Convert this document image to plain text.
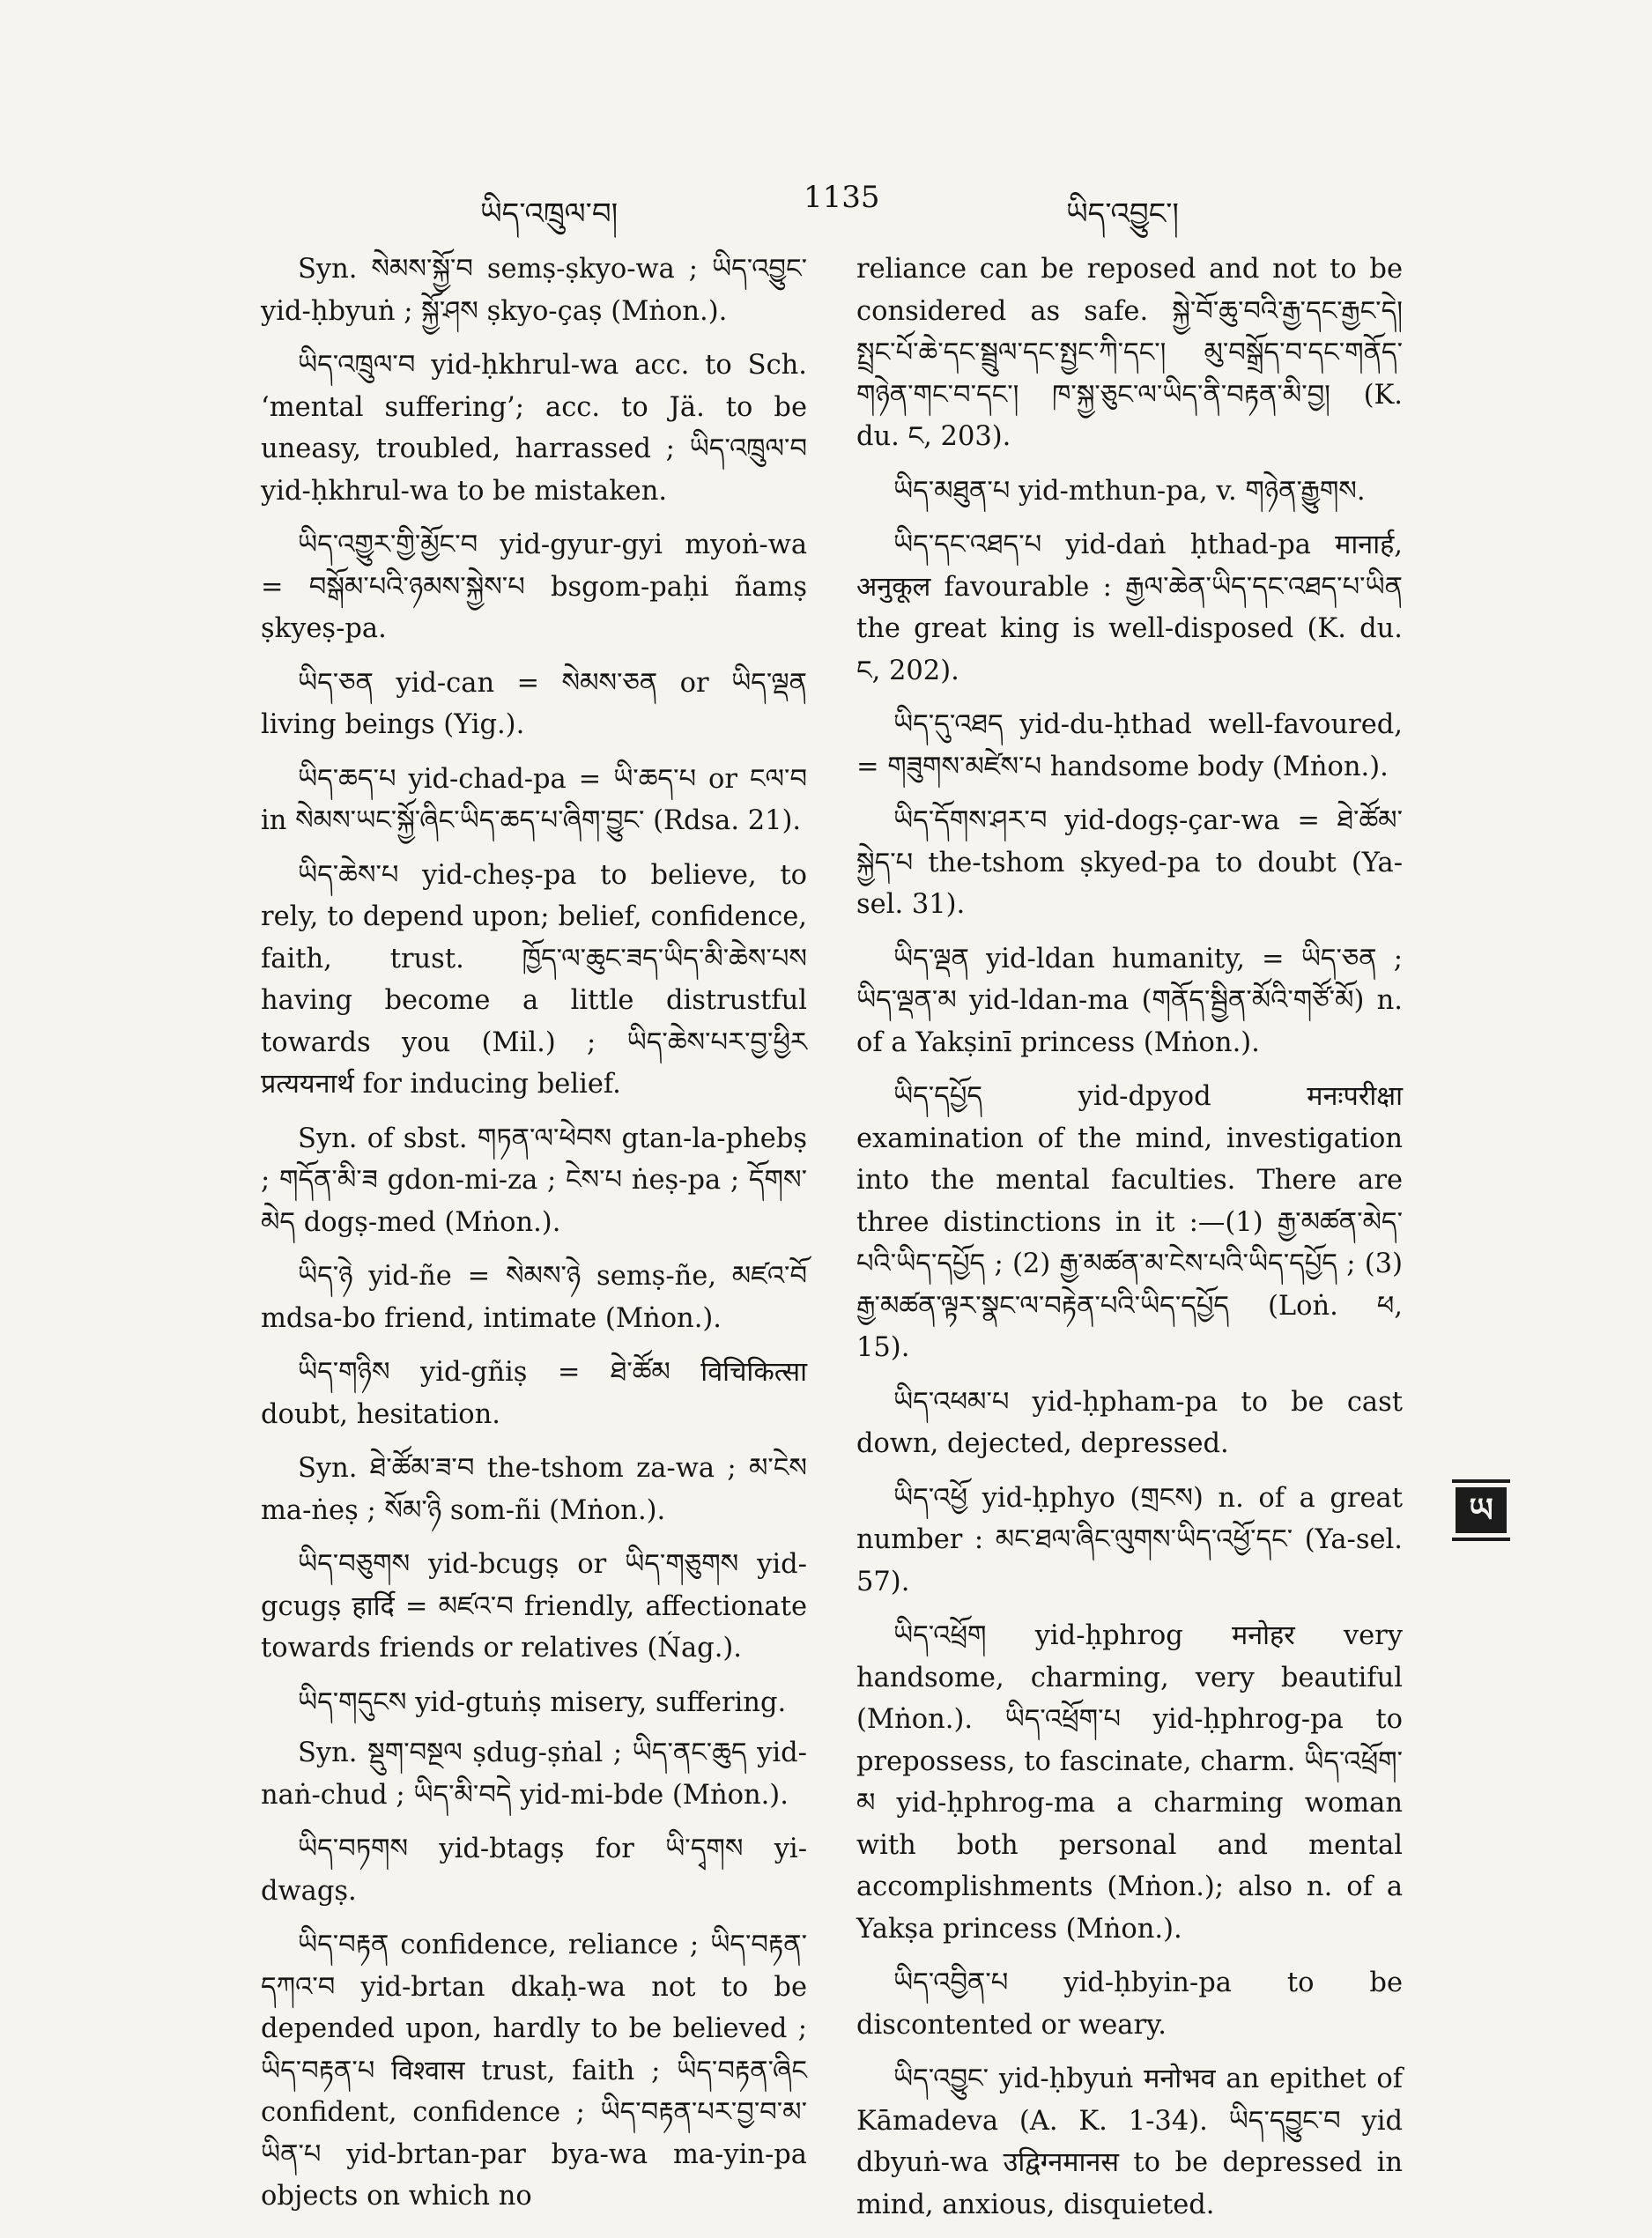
ཡིད་འཁྲུལ་བ།	1135	ཡིད་འབྱུང་།

Syn. སེམས་སྐྱོ་བ semṣ-ṣkyo-wa ; ཡིད་འབྱུང་ yid-ḥbyuṅ ; སྐྱོ་ཤས ṣkyo-çaṣ (Mṅon.).

ཡིད་འཁྲུལ་བ yid-ḥkhrul-wa acc. to Sch. ‘mental suffering’; acc. to Jä. to be uneasy, troubled, harrassed ; ཡིད་འཁྲུལ་བ yid-ḥkhrul-wa to be mistaken.

ཡིད་འགྱུར་གྱི་མྱོང་བ yid-gyur-gyi myoṅ-wa = བསྒོམ་པའི་ཉམས་སྐྱེས་པ bsgom-paḥi ñamṣ ṣkyeṣ-pa.

ཡིད་ཅན yid-can = སེམས་ཅན or ཡིད་ལྡན living beings (Yig.).

ཡིད་ཆད་པ yid-chad-pa = ཡི་ཆད་པ or ངལ་བ in སེམས་ཡང་སྐྱོ་ཞིང་ཡིད་ཆད་པ་ཞིག་བྱུང་ (Rdsa. 21).

ཡིད་ཆེས་པ yid-cheṣ-pa to believe, to rely, to depend upon; belief, confidence, faith, trust. ཁྱོད་ལ་ཆུང་ཟད་ཡིད་མི་ཆེས་པས having become a little distrustful towards you (Mil.) ; ཡིད་ཆེས་པར་བྱ་ཕྱིར प्रत्ययनार्थ for inducing belief.

Syn. of sbst. གཏན་ལ་ཕེབས gtan-la-phebṣ ; གདོན་མི་ཟ gdon-mi-za ; ངེས་པ ṅeṣ-pa ; དོགས་མེད dogṣ-med (Mṅon.).

ཡིད་ཉེ yid-ñe = སེམས་ཉེ semṣ-ñe, མཛའ་བོ mdsa-bo friend, intimate (Mṅon.).

ཡིད་གཉིས yid-gñiṣ = ཐེ་ཚོམ विचिकित्सा doubt, hesitation.

Syn. ཐེ་ཚོམ་ཟ་བ the-tshom za-wa ; མ་ངེས ma-ṅeṣ ; སོམ་ཉི som-ñi (Mṅon.).

ཡིད་བཅུགས yid-bcugṣ or ཡིད་གཅུགས yid-gcugṣ हार्दि = མཛའ་བ friendly, affectionate towards friends or relatives (Ńag.).

ཡིད་གདུངས yid-gtuṅṣ misery, suffering.

Syn. སྡུག་བསྔལ ṣdug-ṣṅal ; ཡིད་ནང་ཆུད yid-naṅ-chud ; ཡིད་མི་བདེ yid-mi-bde (Mṅon.).

ཡིད་བཏགས yid-btagṣ for ཡི་དྭགས yi-dwagṣ.

ཡིད་བརྟན confidence, reliance ; ཡིད་བརྟན་དཀའ་བ yid-brtan dkaḥ-wa not to be depended upon, hardly to be believed ; ཡིད་བརྟན་པ विश्वास trust, faith ; ཡིད་བརྟན་ཞིང confident, confidence ; ཡིད་བརྟན་པར་བྱ་བ་མ་ཡིན་པ yid-brtan-par bya-wa ma-yin-pa objects on which no

reliance can be reposed and not to be considered as safe. སྐྱེ་བོ་ཆུ་བའི་རྒྱ་དང་རྒྱང་དེ། སྤྲང་པོ་ཆེ་དང་སྦྲུལ་དང་སྤྱང་ཀི་དང་། མུ་བསྒྲོད་བ་དང་གནོད་གཉེན་གང་བ་དང་། ཁ་སྐྱ་ཅུང་ལ་ཡིད་ནི་བརྟན་མི་བྱ། (K. du. ང, 203).

ཡིད་མཐུན་པ yid-mthun-pa, v. གཉེན་རྒྱུགས.

ཡིད་དང་འཐད་པ yid-daṅ ḥthad-pa मानार्ह, अनुकूल favourable : རྒྱལ་ཆེན་ཡིད་དང་འཐད་པ་ཡིན the great king is well-disposed (K. du. ང, 202).

ཡིད་དུ་འཐད yid-du-ḥthad well-favoured, = གཟུགས་མཛེས་པ handsome body (Mṅon.).

ཡིད་དོགས་ཤར་བ yid-dogṣ-çar-wa = ཐེ་ཚོམ་སྐྱེད་པ the-tshom ṣkyed-pa to doubt (Ya-sel. 31).

ཡིད་ལྡན yid-ldan humanity, = ཡིད་ཅན ; ཡིད་ལྡན་མ yid-ldan-ma (གནོད་སྦྱིན་མོའི་གཙོ་མོ) n. of a Yakṣinī princess (Mṅon.).

ཡིད་དཔྱོད yid-dpyod मनःपरीक्षा examination of the mind, investigation into the mental faculties. There are three distinctions in it :—(1) རྒྱ་མཚན་མེད་པའི་ཡིད་དཔྱོད ; (2) རྒྱ་མཚན་མ་ངེས་པའི་ཡིད་དཔྱོད ; (3) རྒྱ་མཚན་ལྟར་སྣང་ལ་བརྟེན་པའི་ཡིད་དཔྱོད (Loṅ. ཕ, 15).

ཡིད་འཕམ་པ yid-ḥpham-pa to be cast down, dejected, depressed.

ཡིད་འཕྱོ yid-ḥphyo (གྲངས) n. of a great number : མང་ཐལ་ཞིང་ལུགས་ཡིད་འཕྱོ་དང་ (Ya-sel. 57).

ཡིད་འཕྲོག yid-ḥphrog मनोहर very handsome, charming, very beautiful (Mṅon.). ཡིད་འཕྲོག་པ yid-ḥphrog-pa to prepossess, to fascinate, charm. ཡིད་འཕྲོག་མ yid-ḥphrog-ma a charming woman with both personal and mental accomplishments (Mṅon.); also n. of a Yakṣa princess (Mṅon.).

ཡིད་འབྱིན་པ yid-ḥbyin-pa to be discontented or weary.

ཡིད་འབྱུང་ yid-ḥbyuṅ मनोभव an epithet of Kāmadeva (A. K. 1-34). ཡིད་དབྱུང་བ yid dbyuṅ-wa उद्विग्नमानस to be depressed in mind, anxious, disquieted.

ཡ
